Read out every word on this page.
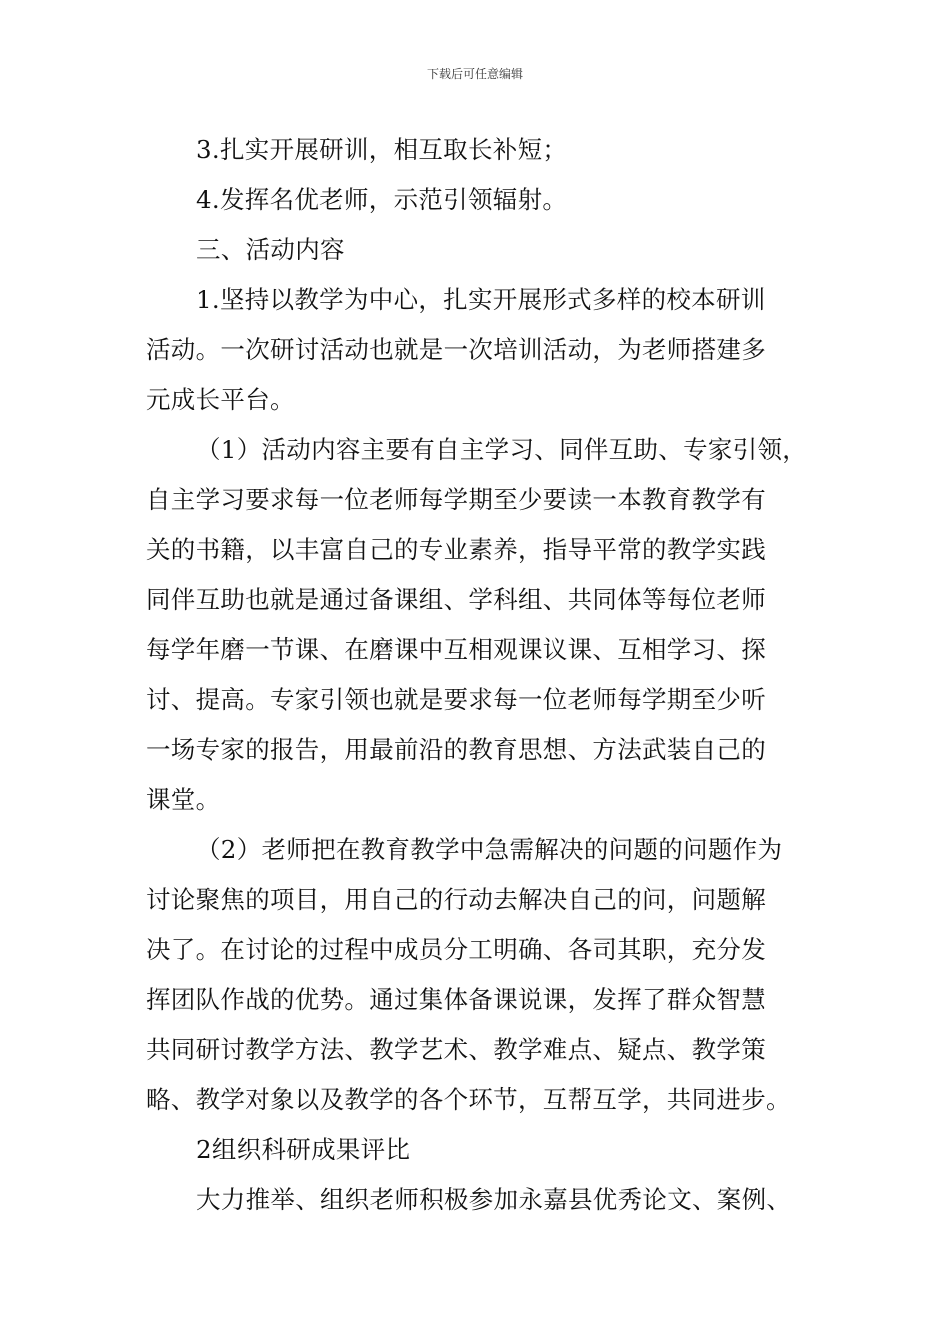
下载后可任意编辑
3.扎实开展研训，相互取长补短；
4.发挥名优老师，示范引领辐射。
三、活动内容
1.坚持以教学为中心，扎实开展形式多样的校本研训
活动。一次研讨活动也就是一次培训活动，为老师搭建多
元成长平台。
（1）活动内容主要有自主学习、同伴互助、专家引领，
自主学习要求每一位老师每学期至少要读一本教育教学有
关的书籍，以丰富自己的专业素养，指导平常的教学实践
同伴互助也就是通过备课组、学科组、共同体等每位老师
每学年磨一节课、在磨课中互相观课议课、互相学习、探
讨、提高。专家引领也就是要求每一位老师每学期至少听
一场专家的报告，用最前沿的教育思想、方法武装自己的
课堂。
（2）老师把在教育教学中急需解决的问题的问题作为
讨论聚焦的项目，用自己的行动去解决自己的问，问题解
决了。在讨论的过程中成员分工明确、各司其职，充分发
挥团队作战的优势。通过集体备课说课，发挥了群众智慧
共同研讨教学方法、教学艺术、教学难点、疑点、教学策
略、教学对象以及教学的各个环节，互帮互学，共同进步。
2组织科研成果评比
大力推举、组织老师积极参加永嘉县优秀论文、案例、
